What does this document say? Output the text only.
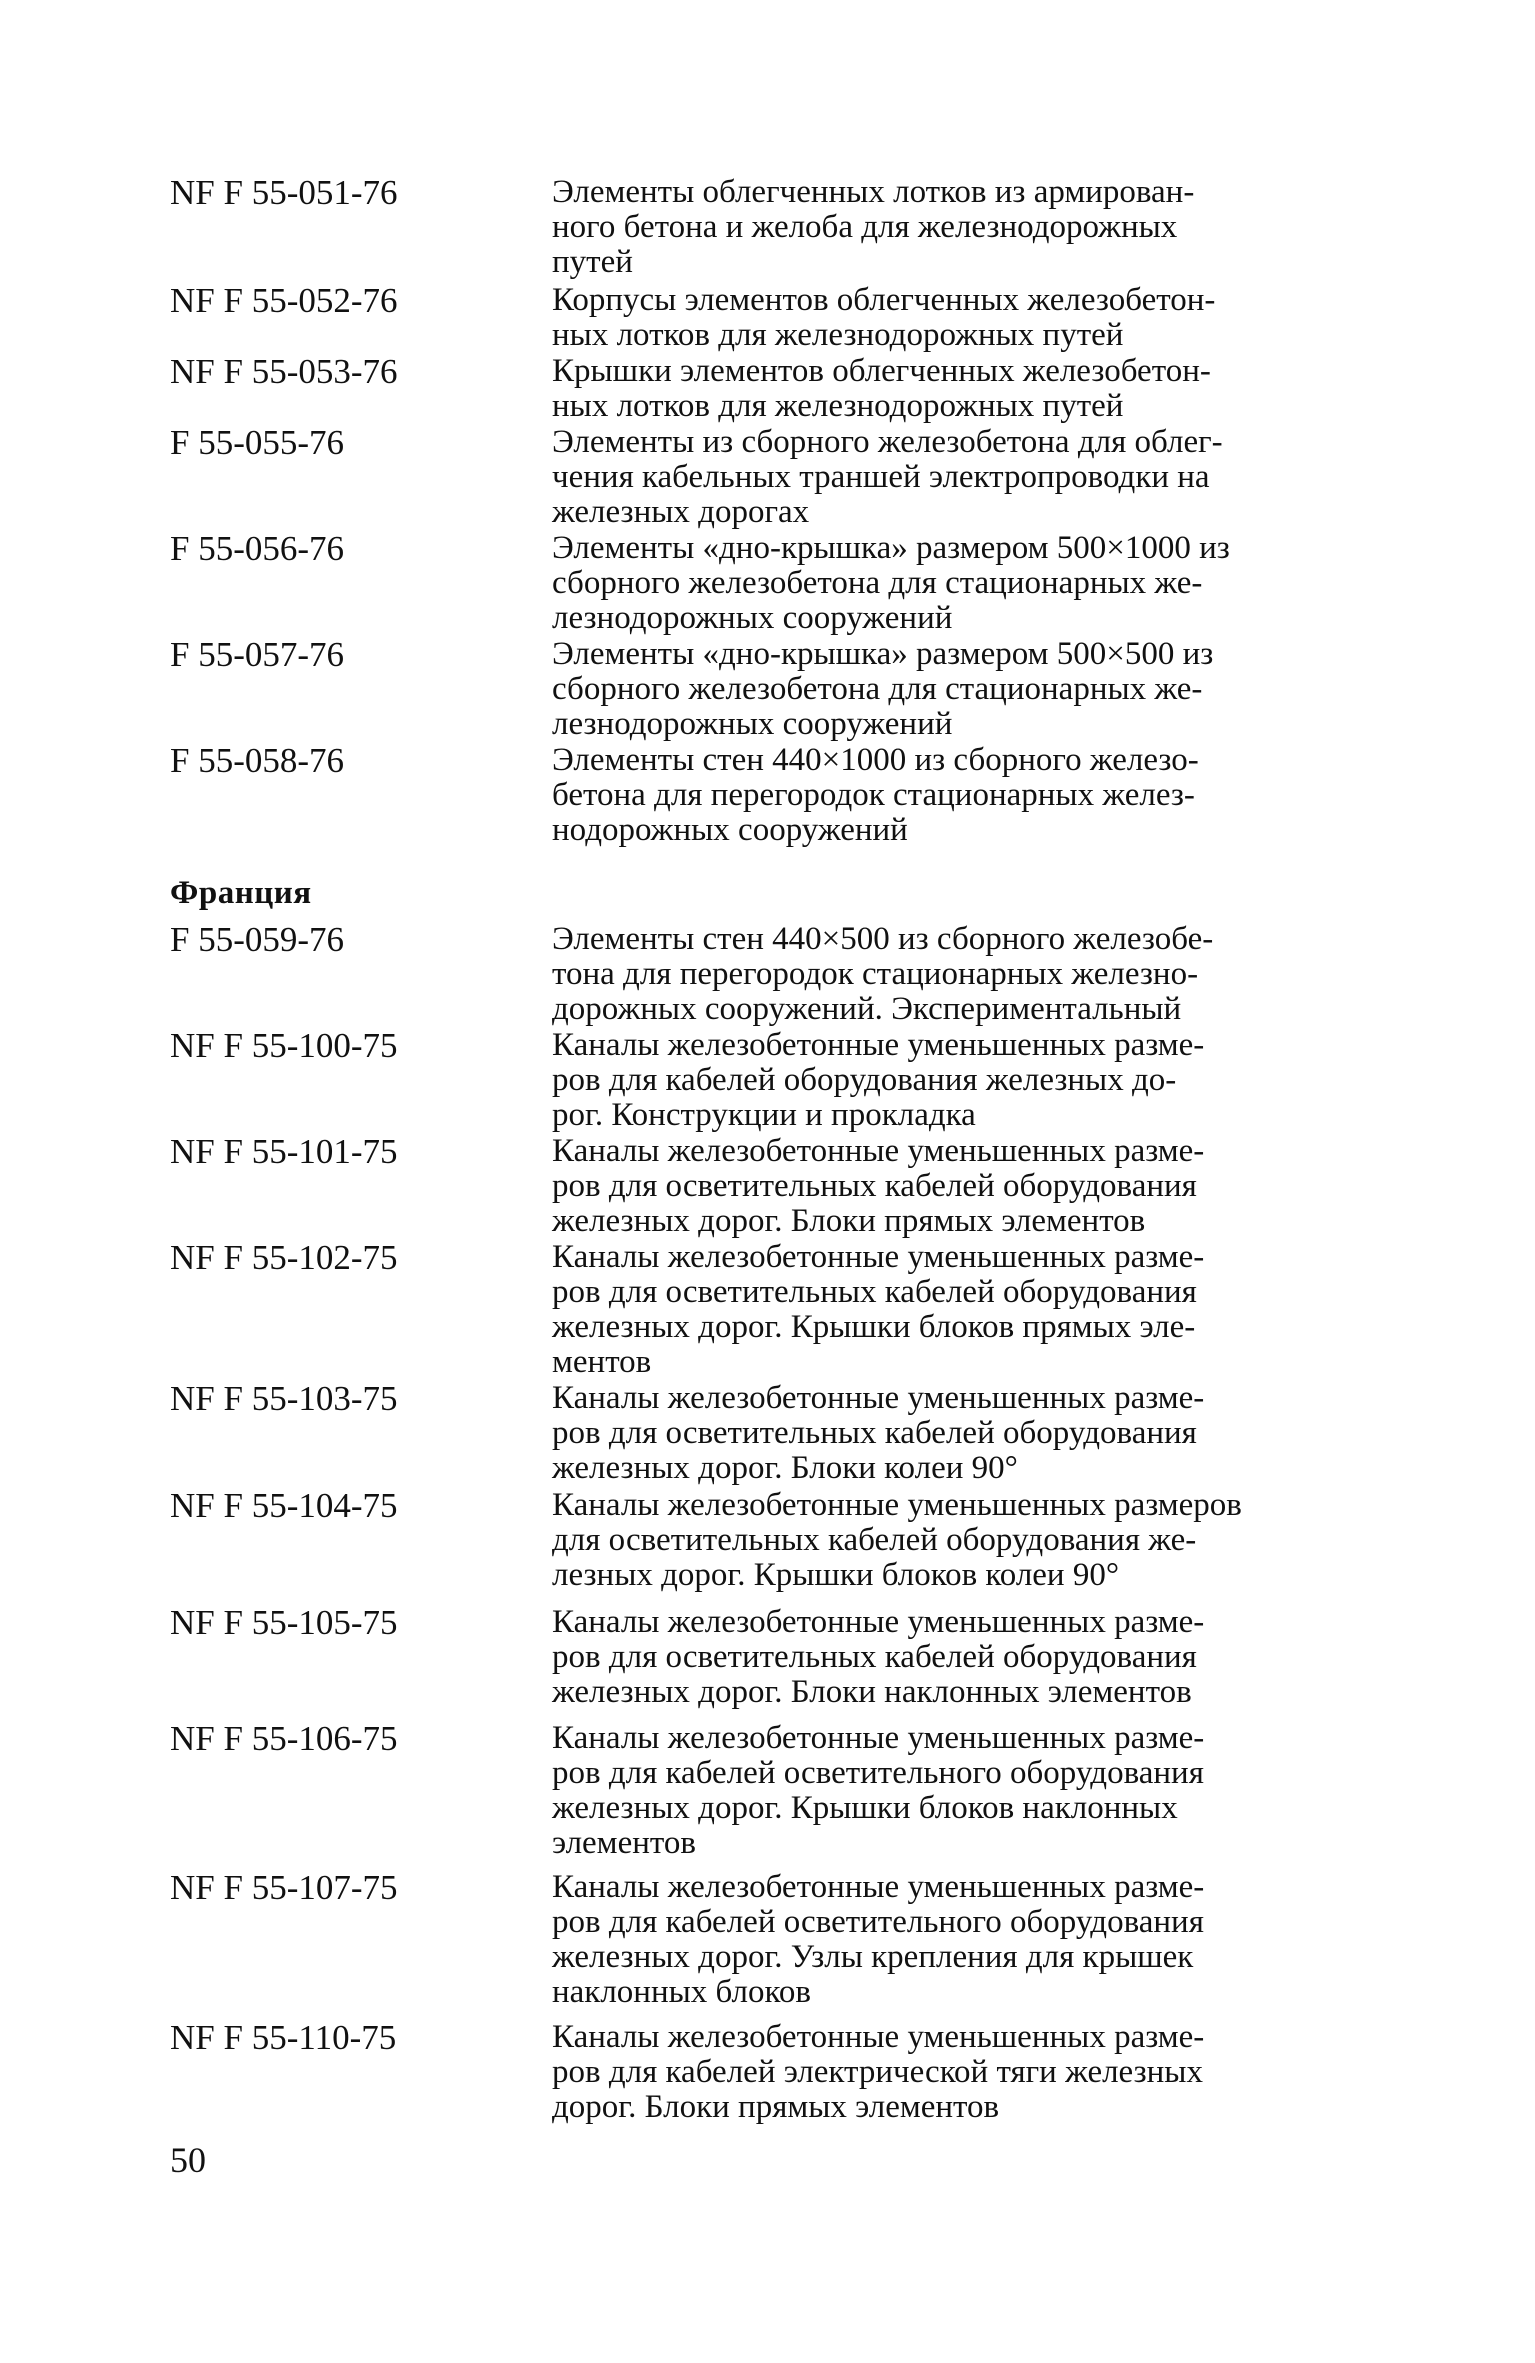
NF F 55-051-76	Элементы облегченных лотков из армирован-
ного бетона и желоба для железнодорожных
путей
NF F 55-052-76	Корпусы элементов облегченных железобетон-
ных лотков для железнодорожных путей
NF F 55-053-76	Крышки элементов облегченных железобетон-
ных лотков для железнодорожных путей
F 55-055-76	Элементы из сборного железобетона для облег-
чения кабельных траншей электропроводки на
железных дорогах
F 55-056-76	Элементы «дно-крышка» размером 500×1000 из
сборного железобетона для стационарных же-
лезнодорожных сооружений
F 55-057-76	Элементы «дно-крышка» размером 500×500 из
сборного железобетона для стационарных же-
лезнодорожных сооружений
F 55-058-76	Элементы стен 440×1000 из сборного железо-
бетона для перегородок стационарных желез-
нодорожных сооружений
Франция
F 55-059-76	Элементы стен 440×500 из сборного железобе-
тона для перегородок стационарных железно-
дорожных сооружений. Экспериментальный
NF F 55-100-75	Каналы железобетонные уменьшенных разме-
ров для кабелей оборудования железных до-
рог. Конструкции и прокладка
NF F 55-101-75	Каналы железобетонные уменьшенных разме-
ров для осветительных кабелей оборудования
железных дорог. Блоки прямых элементов
NF F 55-102-75	Каналы железобетонные уменьшенных разме-
ров для осветительных кабелей оборудования
железных дорог. Крышки блоков прямых эле-
ментов
NF F 55-103-75	Каналы железобетонные уменьшенных разме-
ров для осветительных кабелей оборудования
железных дорог. Блоки колеи 90°
NF F 55-104-75	Каналы железобетонные уменьшенных размеров
для осветительных кабелей оборудования же-
лезных дорог. Крышки блоков колеи 90°
NF F 55-105-75	Каналы железобетонные уменьшенных разме-
ров для осветительных кабелей оборудования
железных дорог. Блоки наклонных элементов
NF F 55-106-75	Каналы железобетонные уменьшенных разме-
ров для кабелей осветительного оборудования
железных дорог. Крышки блоков наклонных
элементов
NF F 55-107-75	Каналы железобетонные уменьшенных разме-
ров для кабелей осветительного оборудования
железных дорог. Узлы крепления для крышек
наклонных блоков
NF F 55-110-75	Каналы железобетонные уменьшенных разме-
ров для кабелей электрической тяги железных
дорог. Блоки прямых элементов
50
